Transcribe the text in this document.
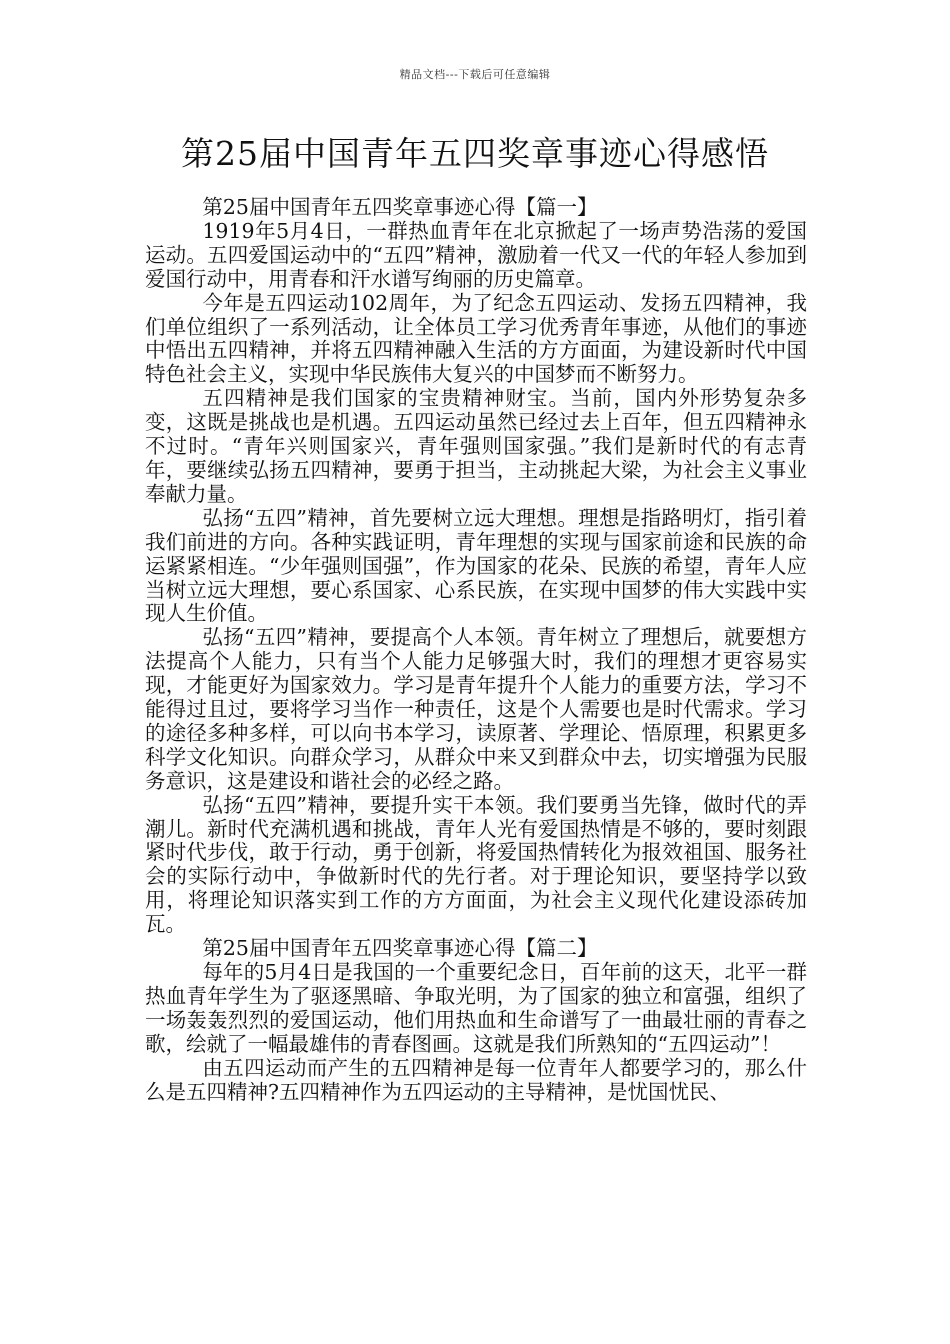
精品文档---下载后可任意编辑
第25届中国青年五四奖章事迹心得感悟

第25届中国青年五四奖章事迹心得【篇一】

1919年5月4日，一群热血青年在北京掀起了一场声势浩荡的爱国运动。五四爱国运动中的“五四”精神，激励着一代又一代的年轻人参加到爱国行动中，用青春和汗水谱写绚丽的历史篇章。

今年是五四运动102周年，为了纪念五四运动、发扬五四精神，我们单位组织了一系列活动，让全体员工学习优秀青年事迹，从他们的事迹中悟出五四精神，并将五四精神融入生活的方方面面，为建设新时代中国特色社会主义，实现中华民族伟大复兴的中国梦而不断努力。

五四精神是我们国家的宝贵精神财宝。当前，国内外形势复杂多变，这既是挑战也是机遇。五四运动虽然已经过去上百年，但五四精神永不过时。“青年兴则国家兴，青年强则国家强。”我们是新时代的有志青年，要继续弘扬五四精神，要勇于担当，主动挑起大梁，为社会主义事业奉献力量。

弘扬“五四”精神，首先要树立远大理想。理想是指路明灯，指引着我们前进的方向。各种实践证明，青年理想的实现与国家前途和民族的命运紧紧相连。“少年强则国强”，作为国家的花朵、民族的希望，青年人应当树立远大理想，要心系国家、心系民族，在实现中国梦的伟大实践中实现人生价值。

弘扬“五四”精神，要提高个人本领。青年树立了理想后，就要想方法提高个人能力，只有当个人能力足够强大时，我们的理想才更容易实现，才能更好为国家效力。学习是青年提升个人能力的重要方法，学习不能得过且过，要将学习当作一种责任，这是个人需要也是时代需求。学习的途径多种多样，可以向书本学习，读原著、学理论、悟原理，积累更多科学文化知识。向群众学习，从群众中来又到群众中去，切实增强为民服务意识，这是建设和谐社会的必经之路。

弘扬“五四”精神，要提升实干本领。我们要勇当先锋，做时代的弄潮儿。新时代充满机遇和挑战，青年人光有爱国热情是不够的，要时刻跟紧时代步伐，敢于行动，勇于创新，将爱国热情转化为报效祖国、服务社会的实际行动中，争做新时代的先行者。对于理论知识，要坚持学以致用，将理论知识落实到工作的方方面面，为社会主义现代化建设添砖加瓦。

第25届中国青年五四奖章事迹心得【篇二】

每年的5月4日是我国的一个重要纪念日，百年前的这天，北平一群热血青年学生为了驱逐黑暗、争取光明，为了国家的独立和富强，组织了一场轰轰烈烈的爱国运动，他们用热血和生命谱写了一曲最壮丽的青春之歌，绘就了一幅最雄伟的青春图画。这就是我们所熟知的“五四运动”！

由五四运动而产生的五四精神是每一位青年人都要学习的，那么什么是五四精神?五四精神作为五四运动的主导精神，是忧国忧民、
